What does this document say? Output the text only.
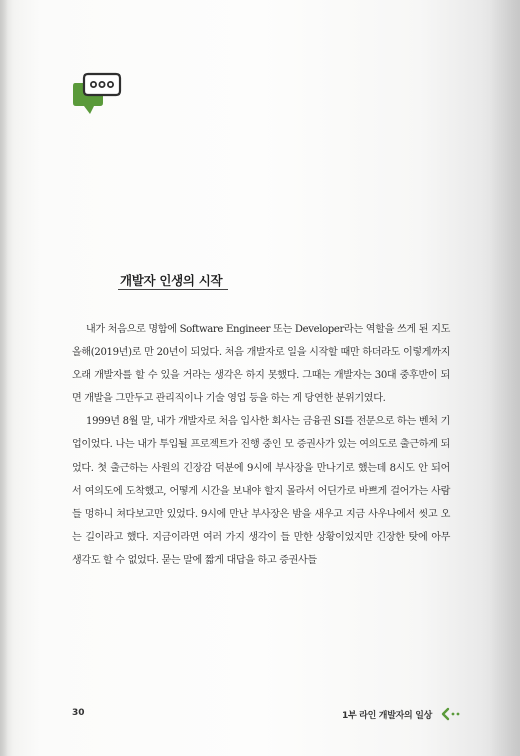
개발자 인생의 시작

내가 처음으로 명함에 Software Engineer 또는 Developer라는 역할을 쓰게 된 지도 올해(2019년)로 만 20년이 되었다. 처음 개발자로 일을 시작할 때만 하더라도 이렇게까지 오래 개발자를 할 수 있을 거라는 생각은 하지 못했다. 그때는 개발자는 30대 중후반이 되면 개발을 그만두고 관리직이나 기술 영업 등을 하는 게 당연한 분위기였다.

1999년 8월 말, 내가 개발자로 처음 입사한 회사는 금융권 SI를 전문으로 하는 벤처 기업이었다. 나는 내가 투입될 프로젝트가 진행 중인 모 증권사가 있는 여의도로 출근하게 되었다. 첫 출근하는 사원의 긴장감 덕분에 9시에 부사장을 만나기로 했는데 8시도 안 되어서 여의도에 도착했고, 어떻게 시간을 보내야 할지 몰라서 어딘가로 바쁘게 걸어가는 사람들 멍하니 쳐다보고만 있었다. 9시에 만난 부사장은 밤을 새우고 지금 사우나에서 씻고 오는 길이라고 했다. 지금이라면 여러 가지 생각이 들 만한 상황이었지만 긴장한 탓에 아무 생각도 할 수 없었다. 묻는 말에 짧게 대답을 하고 증권사들

30	1부 라인 개발자의 일상
